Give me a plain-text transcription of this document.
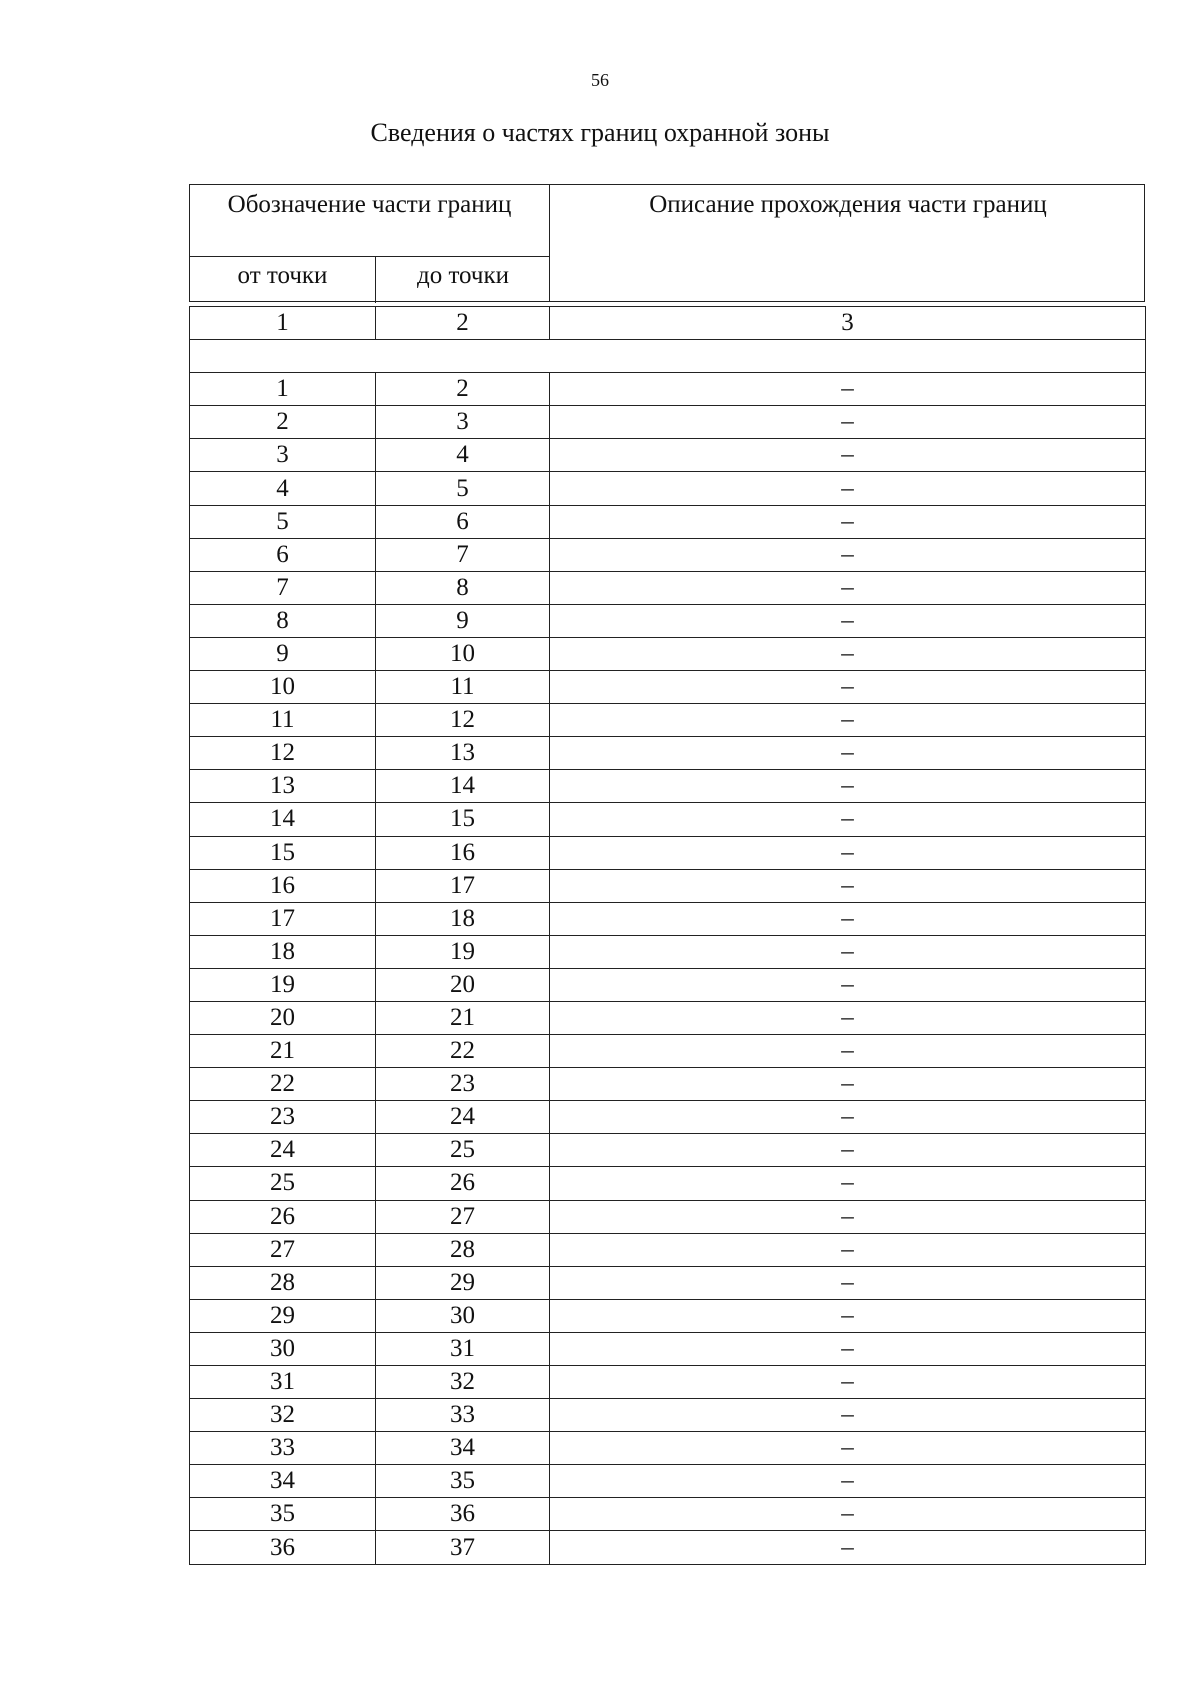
56
Сведения о частях границ охранной зоны
Обозначение части границ
от точки	до точки
Описание прохождения части границ
1	2	3

1	2	–
2	3	–
3	4	–
4	5	–
5	6	–
6	7	–
7	8	–
8	9	–
9	10	–
10	11	–
11	12	–
12	13	–
13	14	–
14	15	–
15	16	–
16	17	–
17	18	–
18	19	–
19	20	–
20	21	–
21	22	–
22	23	–
23	24	–
24	25	–
25	26	–
26	27	–
27	28	–
28	29	–
29	30	–
30	31	–
31	32	–
32	33	–
33	34	–
34	35	–
35	36	–
36	37	–
